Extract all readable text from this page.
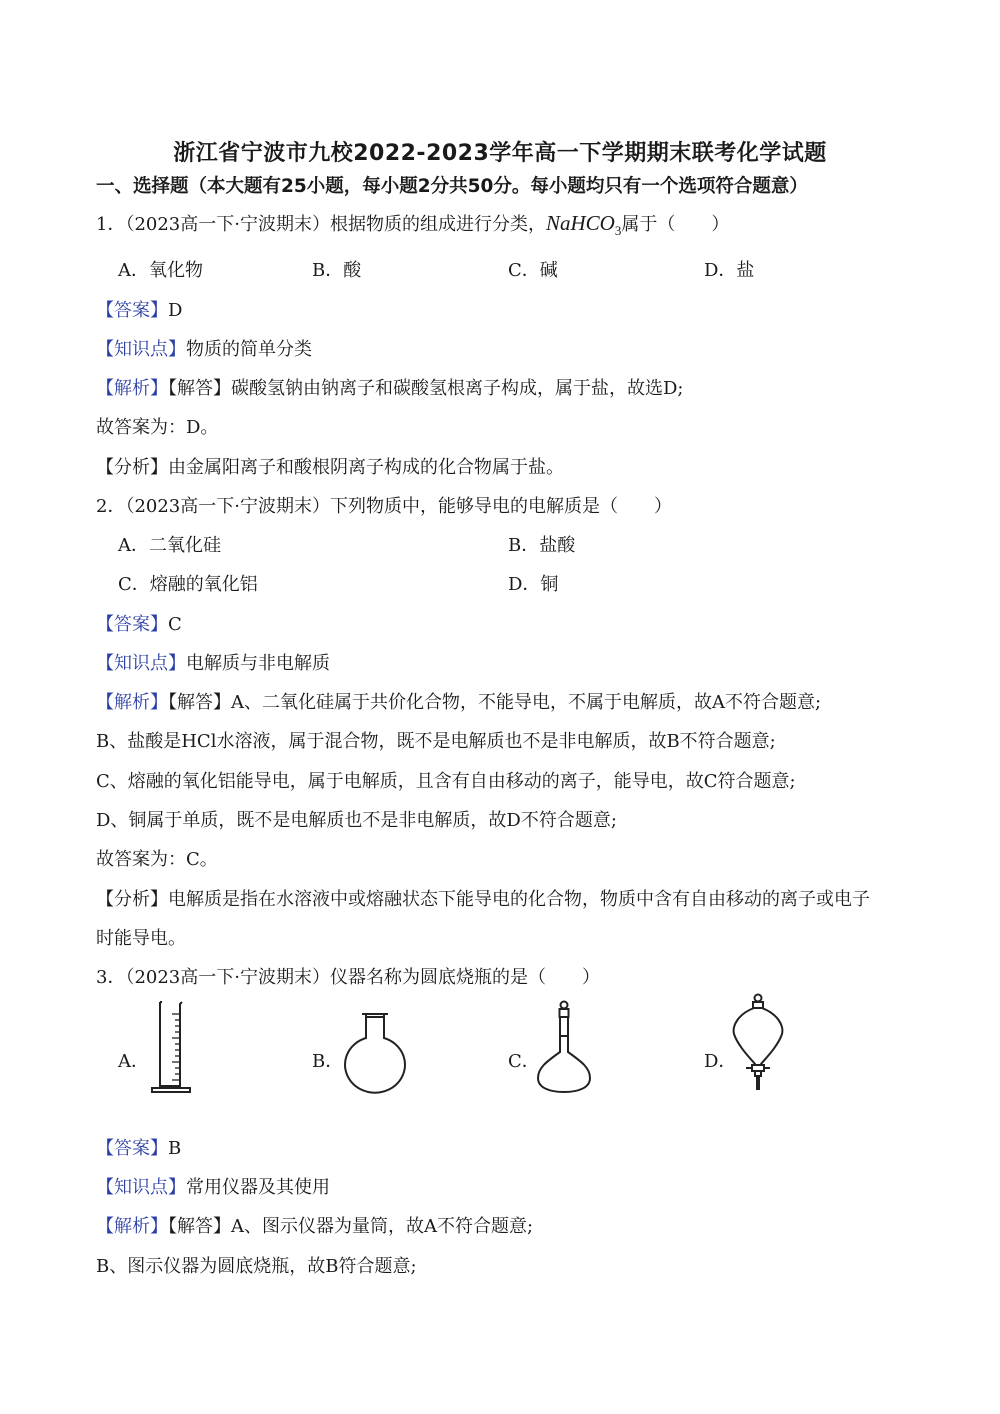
浙江省宁波市九校2022-2023学年高一下学期期末联考化学试题
一、选择题（本大题有25小题，每小题2分共50分。每小题均只有一个选项符合题意）
1．（2023高一下·宁波期末）根据物质的组成进行分类，NaHCO$_3$属于（　　）
A．氧化物	B．酸	C．碱	D．盐
【答案】D
【知识点】物质的简单分类
【解析】【解答】碳酸氢钠由钠离子和碳酸氢根离子构成，属于盐，故选D;
故答案为：D。
【分析】由金属阳离子和酸根阴离子构成的化合物属于盐。
2．（2023高一下·宁波期末）下列物质中，能够导电的电解质是（　　）
A．二氧化硅	B．盐酸
C．熔融的氧化铝	D．铜
【答案】C
【知识点】电解质与非电解质
【解析】【解答】A、二氧化硅属于共价化合物，不能导电，不属于电解质，故A不符合题意;
B、盐酸是HCl水溶液，属于混合物，既不是电解质也不是非电解质，故B不符合题意;
C、熔融的氧化铝能导电，属于电解质，且含有自由移动的离子，能导电，故C符合题意;
D、铜属于单质，既不是电解质也不是非电解质，故D不符合题意;
故答案为：C。
【分析】电解质是指在水溶液中或熔融状态下能导电的化合物，物质中含有自由移动的离子或电子
时能导电。
3．（2023高一下·宁波期末）仪器名称为圆底烧瓶的是（　　）
A．	B．	C．	D．
【答案】B
【知识点】常用仪器及其使用
【解析】【解答】A、图示仪器为量筒，故A不符合题意;
B、图示仪器为圆底烧瓶，故B符合题意;
